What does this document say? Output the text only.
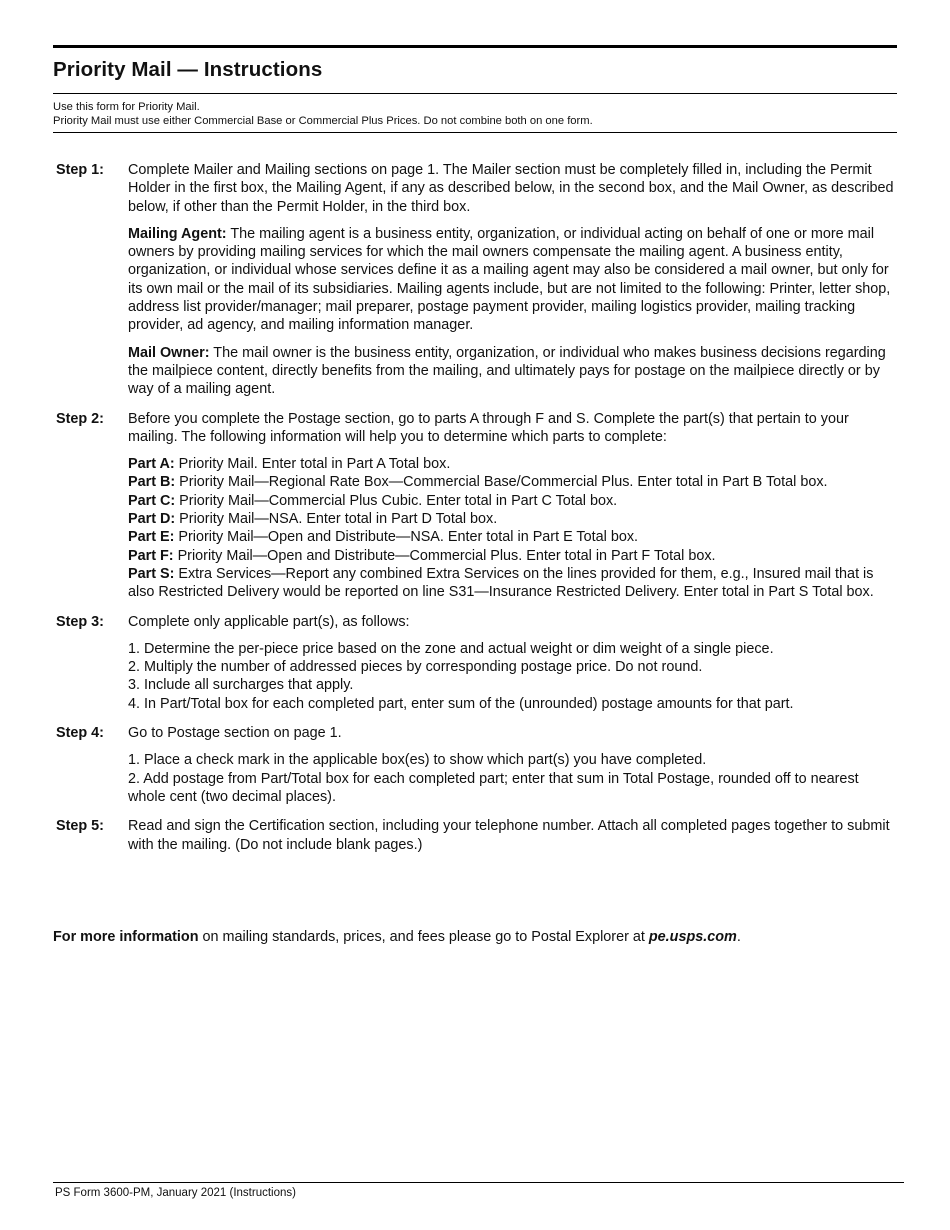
Priority Mail — Instructions
Use this form for Priority Mail.
Priority Mail must use either Commercial Base or Commercial Plus Prices. Do not combine both on one form.
Step 1:	Complete Mailer and Mailing sections on page 1. The Mailer section must be completely filled in, including the Permit Holder in the first box, the Mailing Agent, if any as described below, in the second box, and the Mail Owner, as described below, if other than the Permit Holder, in the third box.

Mailing Agent: The mailing agent is a business entity, organization, or individual acting on behalf of one or more mail owners by providing mailing services for which the mail owners compensate the mailing agent. A business entity, organization, or individual whose services define it as a mailing agent may also be considered a mail owner, but only for its own mail or the mail of its subsidiaries. Mailing agents include, but are not limited to the following: Printer, letter shop, address list provider/manager; mail preparer, postage payment provider, mailing logistics provider, mailing tracking provider, ad agency, and mailing information manager.

Mail Owner: The mail owner is the business entity, organization, or individual who makes business decisions regarding the mailpiece content, directly benefits from the mailing, and ultimately pays for postage on the mailpiece directly or by way of a mailing agent.

Step 2:	Before you complete the Postage section, go to parts A through F and S. Complete the part(s) that pertain to your mailing. The following information will help you to determine which parts to complete:

Part A: Priority Mail. Enter total in Part A Total box.
Part B: Priority Mail—Regional Rate Box—Commercial Base/Commercial Plus. Enter total in Part B Total box.
Part C: Priority Mail—Commercial Plus Cubic. Enter total in Part C Total box.
Part D: Priority Mail—NSA. Enter total in Part D Total box.
Part E: Priority Mail—Open and Distribute—NSA. Enter total in Part E Total box.
Part F: Priority Mail—Open and Distribute—Commercial Plus. Enter total in Part F Total box.
Part S: Extra Services—Report any combined Extra Services on the lines provided for them, e.g., Insured mail that is also Restricted Delivery would be reported on line S31—Insurance Restricted Delivery. Enter total in Part S Total box.
Step 3:	Complete only applicable part(s), as follows:

1. Determine the per-piece price based on the zone and actual weight or dim weight of a single piece.
2. Multiply the number of addressed pieces by corresponding postage price. Do not round.
3. Include all surcharges that apply.
4. In Part/Total box for each completed part, enter sum of the (unrounded) postage amounts for that part.
Step 4:	Go to Postage section on page 1.

1. Place a check mark in the applicable box(es) to show which part(s) you have completed.
2. Add postage from Part/Total box for each completed part; enter that sum in Total Postage, rounded off to nearest whole cent (two decimal places).
Step 5:	Read and sign the Certification section, including your telephone number. Attach all completed pages together to submit with the mailing. (Do not include blank pages.)

For more information on mailing standards, prices, and fees please go to Postal Explorer at pe.usps.com.
PS Form 3600-PM, January 2021 (Instructions)
